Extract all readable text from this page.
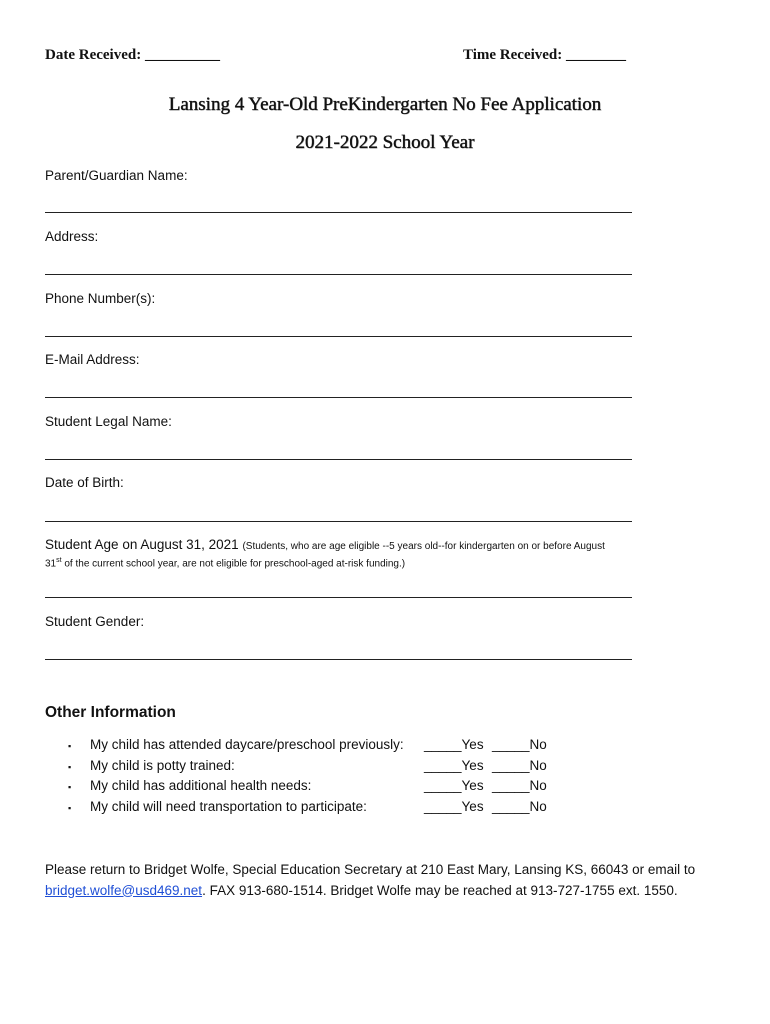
Date Received: __________	Time Received: ________
Lansing 4 Year-Old PreKindergarten No Fee Application
2021-2022 School Year
Parent/Guardian Name:
Address:
Phone Number(s):
E-Mail Address:
Student Legal Name:
Date of Birth:
Student Age on August 31, 2021 (Students, who are age eligible --5 years old--for kindergarten on or before August
31st of the current school year, are not eligible for preschool-aged at-risk funding.)
Student Gender:
Other Information
▪ My child has attended daycare/preschool previously: _____Yes _____No
▪ My child is potty trained:	_____Yes _____No
▪ My child has additional health needs:	_____Yes _____No
▪ My child will need transportation to participate:	_____Yes _____No
Please return to Bridget Wolfe, Special Education Secretary at 210 East Mary, Lansing KS, 66043 or email to bridget.wolfe@usd469.net. FAX 913-680-1514. Bridget Wolfe may be reached at 913-727-1755 ext. 1550.
